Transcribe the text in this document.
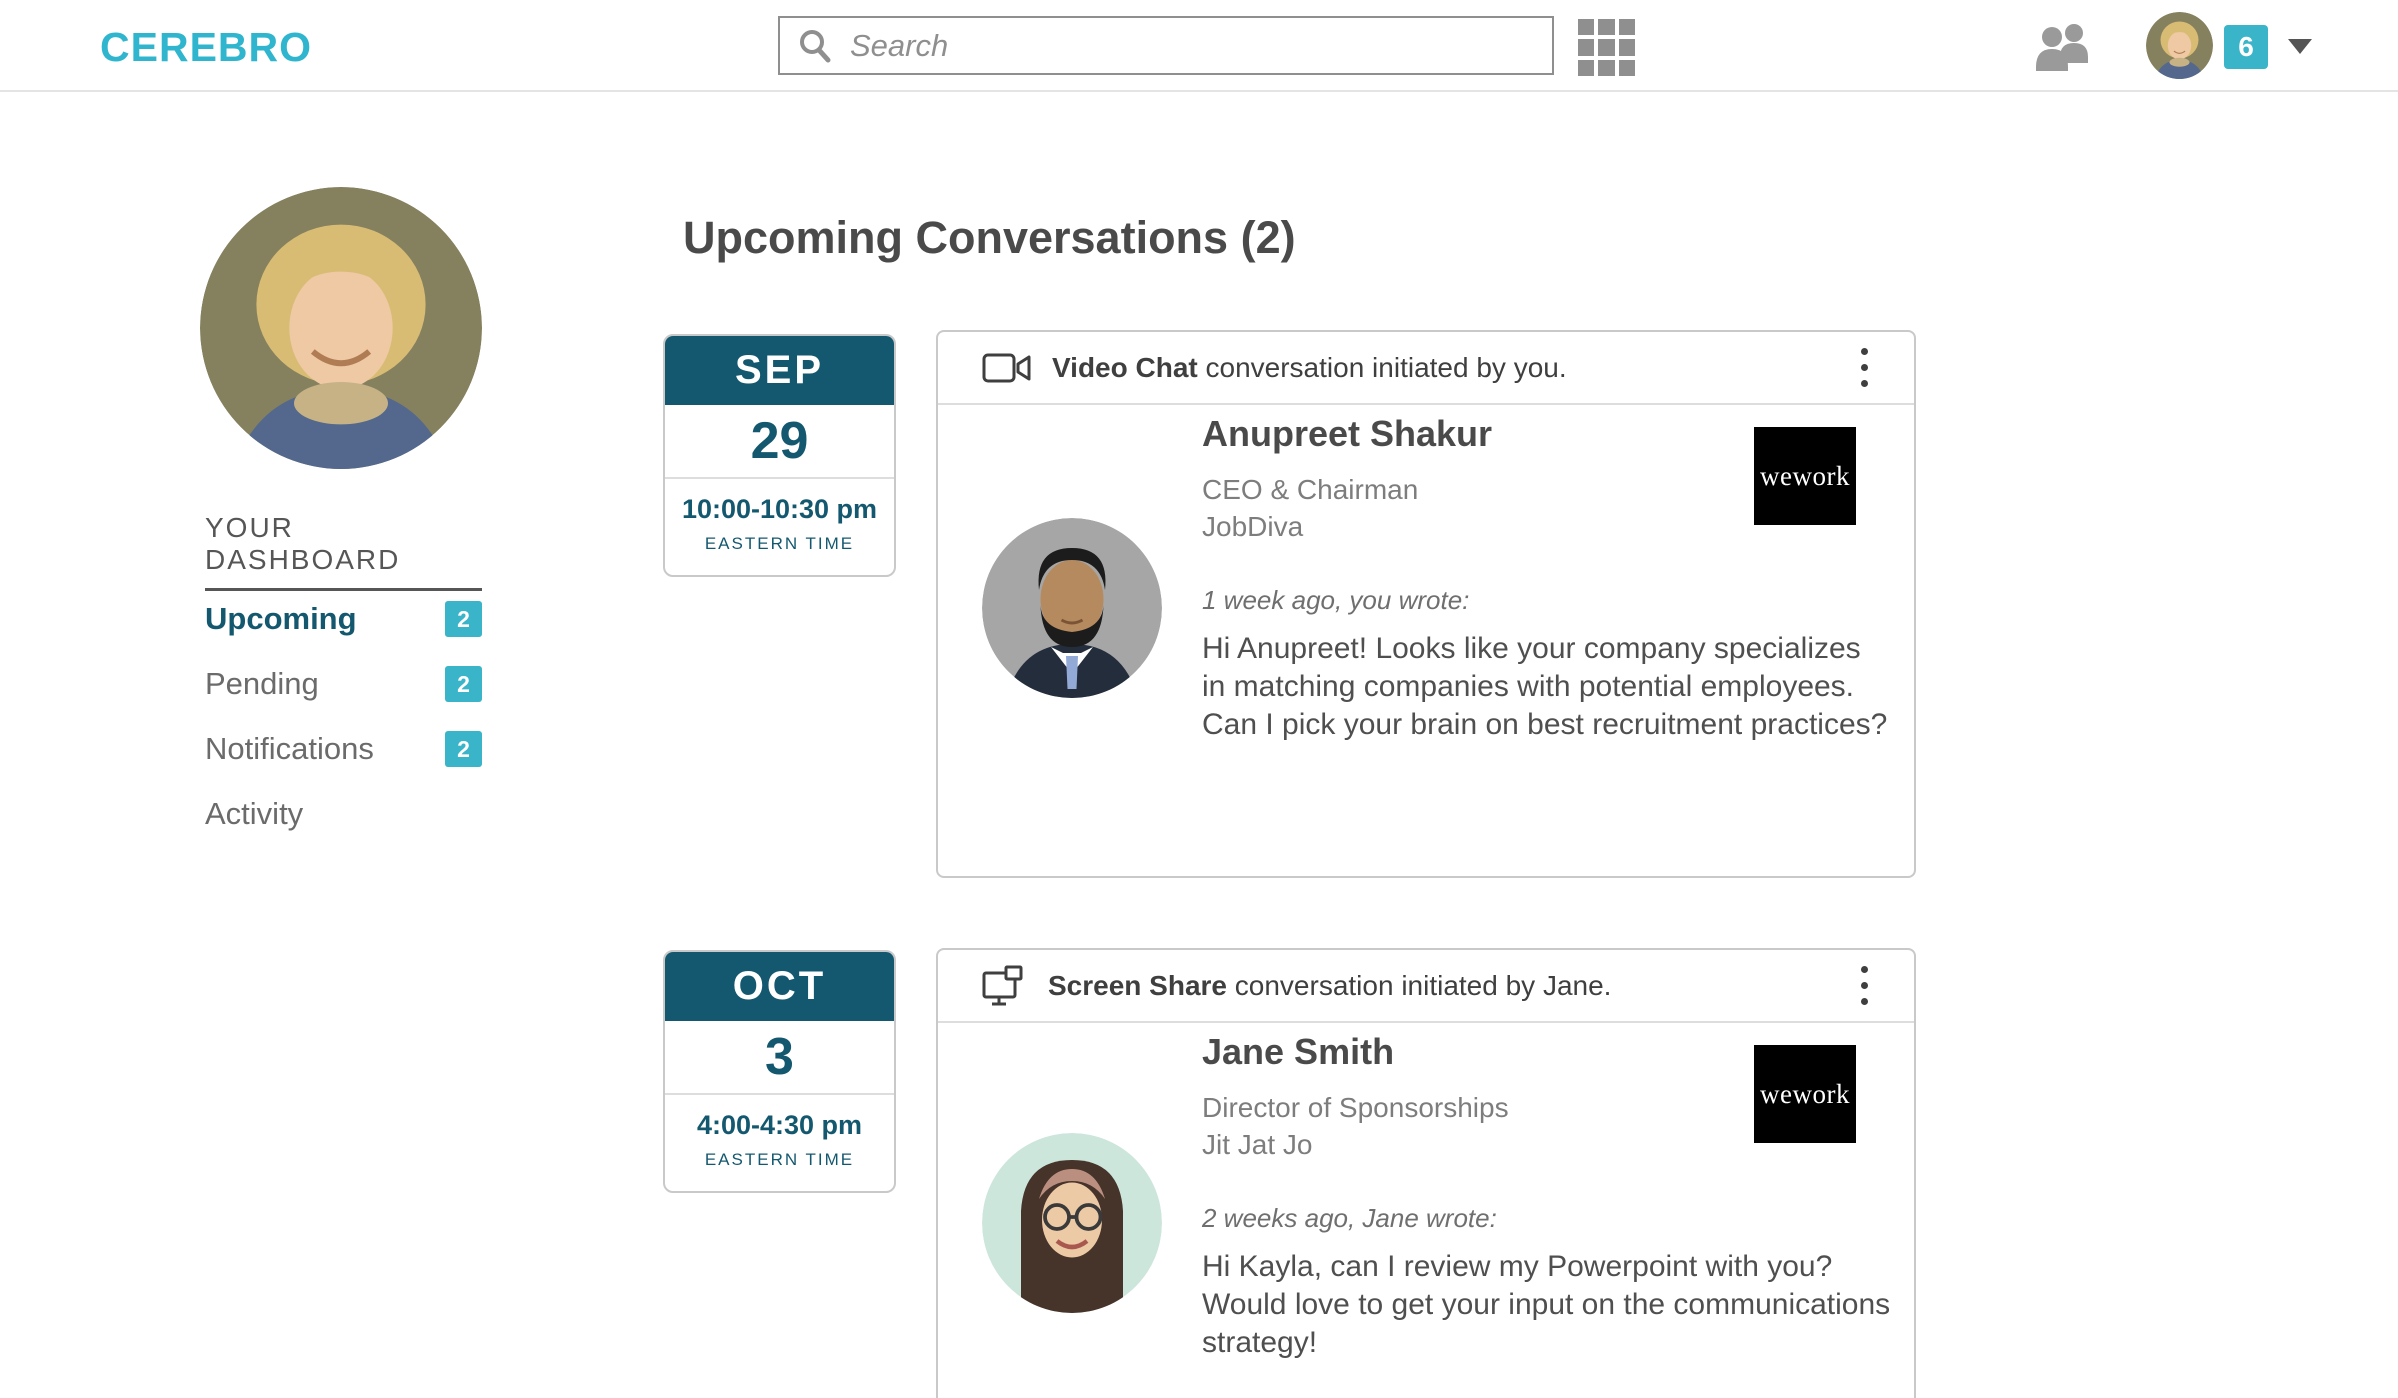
CEREBRO
Search	6
YOUR DASHBOARD
Upcoming	2
Pending	2
Notifications	2
Activity
Upcoming Conversations (2)
SEP
29
10:00-10:30 pm
EASTERN TIME
Video Chat conversation initiated by you.
Anupreet Shakur
CEO & Chairman
JobDiva
wework
1 week ago, you wrote:
Hi Anupreet! Looks like your company specializes in matching companies with potential employees. Can I pick your brain on best recruitment practices?
OCT
3
4:00-4:30 pm
EASTERN TIME
Screen Share conversation initiated by Jane.
Jane Smith
Director of Sponsorships
Jit Jat Jo
wework
2 weeks ago, Jane wrote:
Hi Kayla, can I review my Powerpoint with you? Would love to get your input on the communications strategy!
